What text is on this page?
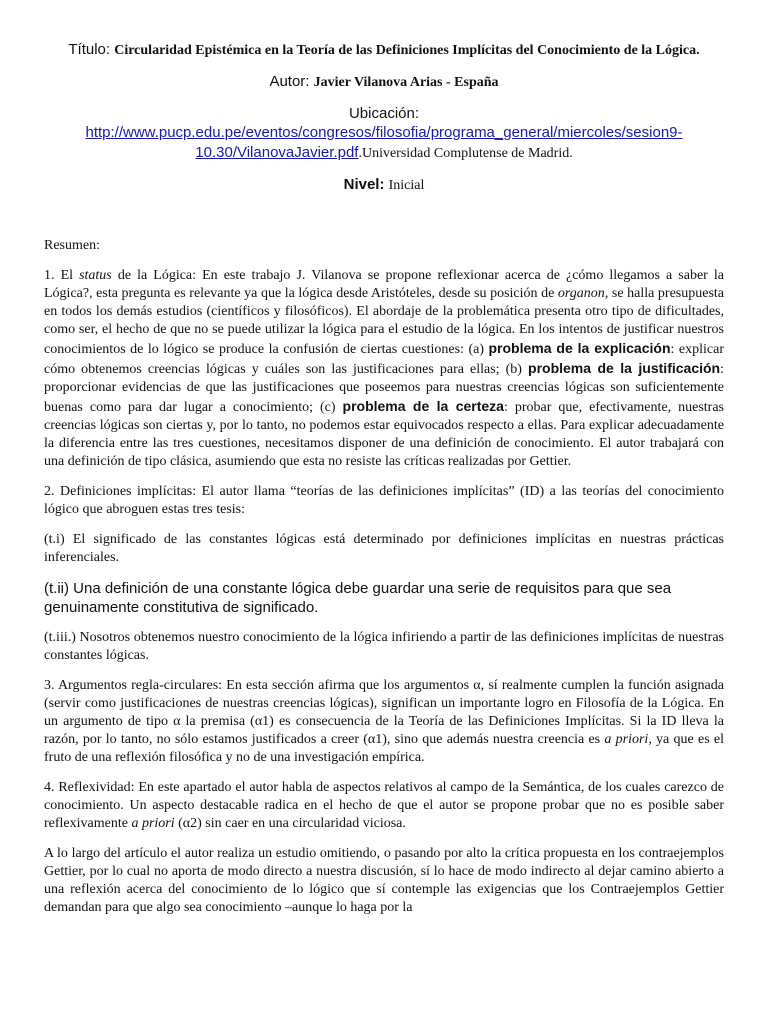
Título: Circularidad Epistémica en la Teoría de las Definiciones Implícitas del Conocimiento de la Lógica.
Autor: Javier Vilanova Arias - España
Ubicación:
http://www.pucp.edu.pe/eventos/congresos/filosofia/programa_general/miercoles/sesion9-10.30/VilanovaJavier.pdf.Universidad Complutense de Madrid.
Nivel: Inicial
Resumen:

1. El status de la Lógica: En este trabajo J. Vilanova se propone reflexionar acerca de ¿cómo llegamos a saber la Lógica?, esta pregunta es relevante ya que la lógica desde Aristóteles, desde su posición de organon, se halla presupuesta en todos los demás estudios (científicos y filosóficos). El abordaje de la problemática presenta otro tipo de dificultades, como ser, el hecho de que no se puede utilizar la lógica para el estudio de la lógica. En los intentos de justificar nuestros conocimientos de lo lógico se produce la confusión de ciertas cuestiones: (a) problema de la explicación: explicar cómo obtenemos creencias lógicas y cuáles son las justificaciones para ellas; (b) problema de la justificación: proporcionar evidencias de que las justificaciones que poseemos para nuestras creencias lógicas son suficientemente buenas como para dar lugar a conocimiento; (c) problema de la certeza: probar que, efectivamente, nuestras creencias lógicas son ciertas y, por lo tanto, no podemos estar equivocados respecto a ellas. Para explicar adecuadamente la diferencia entre las tres cuestiones, necesitamos disponer de una definición de conocimiento. El autor trabajará con una definición de tipo clásica, asumiendo que esta no resiste las críticas realizadas por Gettier.

2. Definiciones implícitas: El autor llama “teorías de las definiciones implícitas” (ID) a las teorías del conocimiento lógico que abroguen estas tres tesis:

(t.i) El significado de las constantes lógicas está determinado por definiciones implícitas en nuestras prácticas inferenciales.

(t.ii) Una definición de una constante lógica debe guardar una serie de requisitos para que sea genuinamente constitutiva de significado.

(t.iii.) Nosotros obtenemos nuestro conocimiento de la lógica infiriendo a partir de las definiciones implícitas de nuestras constantes lógicas.

3. Argumentos regla-circulares: En esta sección afirma que los argumentos α, sí realmente cumplen la función asignada (servir como justificaciones de nuestras creencias lógicas), significan un importante logro en Filosofía de la Lógica. En un argumento de tipo α la premisa (α1) es consecuencia de la Teoría de las Definiciones Implícitas. Si la ID lleva la razón, por lo tanto, no sólo estamos justificados a creer (α1), sino que además nuestra creencia es a priori, ya que es el fruto de una reflexión filosófica y no de una investigación empírica.

4. Reflexividad: En este apartado el autor habla de aspectos relativos al campo de la Semántica, de los cuales carezco de conocimiento. Un aspecto destacable radica en el hecho de que el autor se propone probar que no es posible saber reflexivamente a priori (α2) sin caer en una circularidad viciosa.

A lo largo del artículo el autor realiza un estudio omitiendo, o pasando por alto la crítica propuesta en los contraejemplos Gettier, por lo cual no aporta de modo directo a nuestra discusión, sí lo hace de modo indirecto al dejar camino abierto a una reflexión acerca del conocimiento de lo lógico que sí contemple las exigencias que los Contraejemplos Gettier demandan para que algo sea conocimiento –aunque lo haga por la
